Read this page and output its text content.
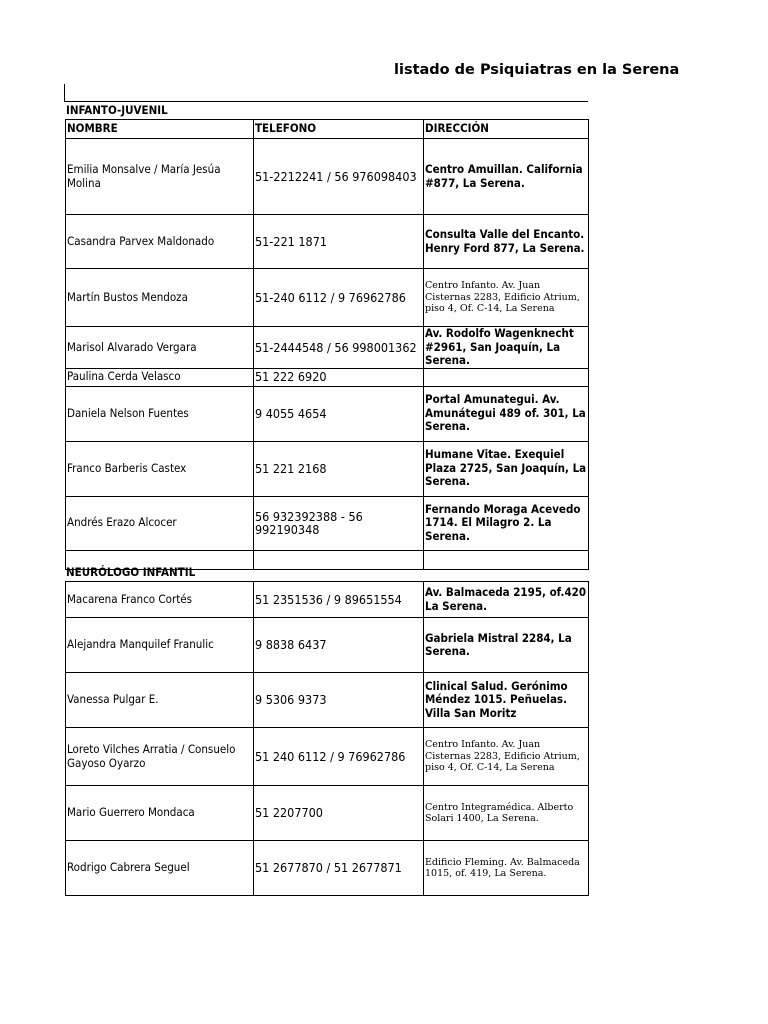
listado de Psiquiatras en la Serena
INFANTO-JUVENIL
NOMBRE	TELEFONO	DIRECCIÓN
Emilia Monsalve / María Jesúa Molina	51-2212241 / 56 976098403	Centro Amuillan. California #877, La Serena.
Casandra Parvex Maldonado	51-221 1871	Consulta Valle del Encanto. Henry Ford 877, La Serena.
Martín Bustos Mendoza	51-240 6112 / 9 76962786	Centro Infanto. Av. Juan Cisternas 2283, Edificio Atrium, piso 4, Of. C-14, La Serena
Marisol Alvarado Vergara	51-2444548 / 56 998001362	Av. Rodolfo Wagenknecht #2961, San Joaquín, La Serena.
Paulina Cerda Velasco	51 222 6920	
Daniela Nelson Fuentes	9 4055 4654	Portal Amunategui. Av. Amunátegui 489 of. 301, La Serena.
Franco Barberis Castex	51 221 2168	Humane Vitae. Exequiel Plaza 2725, San Joaquín, La Serena.
Andrés Erazo Alcocer	56 932392388 - 56 992190348	Fernando Moraga Acevedo 1714. El Milagro 2. La Serena.

NEURÓLOGO INFANTIL
Macarena Franco Cortés	51 2351536 / 9 89651554	Av. Balmaceda 2195, of.420 La Serena.
Alejandra Manquilef Franulic	9 8838 6437	Gabriela Mistral 2284, La Serena.
Vanessa Pulgar E.	9 5306 9373	Clinical Salud. Gerónimo Méndez 1015. Peñuelas. Villa San Moritz
Loreto Vilches Arratia / Consuelo Gayoso Oyarzo	51 240 6112 / 9 76962786	Centro Infanto. Av. Juan Cisternas 2283, Edificio Atrium, piso 4, Of. C-14, La Serena
Mario Guerrero Mondaca	51 2207700	Centro Integramédica. Alberto Solari 1400, La Serena.
Rodrigo Cabrera Seguel	51 2677870 / 51 2677871	Edificio Fleming. Av. Balmaceda 1015, of. 419, La Serena.
